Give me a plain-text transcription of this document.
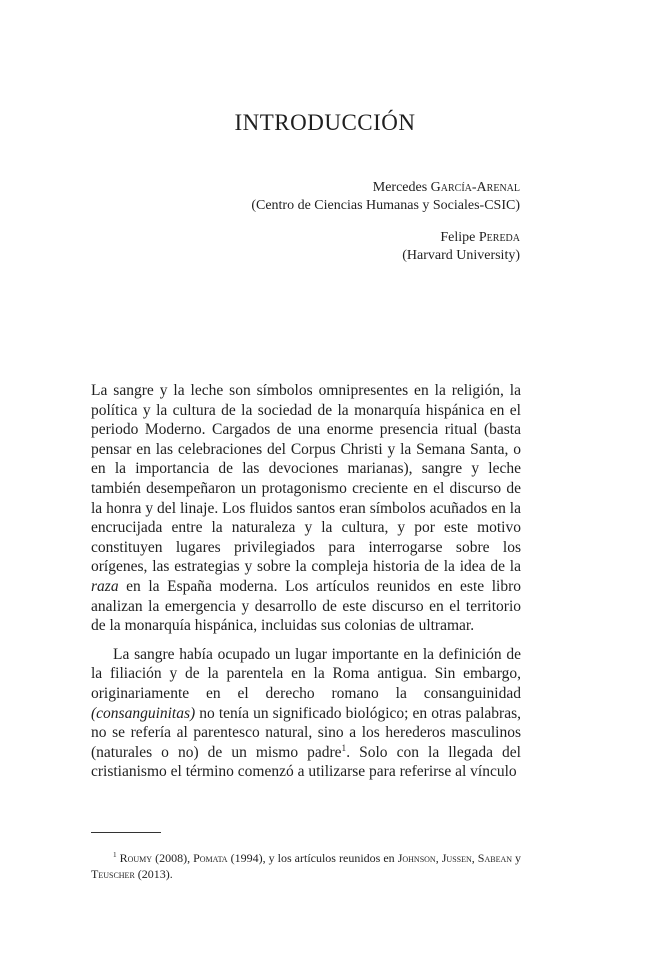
INTRODUCCIÓN
Mercedes García-Arenal
(Centro de Ciencias Humanas y Sociales-CSIC)
Felipe Pereda
(Harvard University)

La sangre y la leche son símbolos omnipresentes en la religión, la política y la cultura de la sociedad de la monarquía hispánica en el periodo Moderno. Cargados de una enorme presencia ritual (basta pensar en las celebraciones del Corpus Christi y la Semana Santa, o en la importancia de las devociones marianas), sangre y leche también desempeñaron un protagonismo creciente en el discurso de la honra y del linaje. Los fluidos santos eran símbolos acuñados en la encrucijada entre la naturaleza y la cultura, y por este motivo constituyen lugares privilegiados para interrogarse sobre los orígenes, las estrategias y sobre la compleja historia de la idea de la raza en la España moderna. Los artículos reunidos en este libro analizan la emergencia y desarrollo de este discurso en el territorio de la monarquía hispánica, incluidas sus colonias de ultramar.

La sangre había ocupado un lugar importante en la definición de la filiación y de la parentela en la Roma antigua. Sin embargo, originariamente en el derecho romano la consanguinidad (consanguinitas) no tenía un significado biológico; en otras palabras, no se refería al parentesco natural, sino a los herederos masculinos (naturales o no) de un mismo padre$^1$. Solo con la llegada del cristianismo el término comenzó a utilizarse para referirse al vínculo

$^1$ Roumy (2008), Pomata (1994), y los artículos reunidos en Johnson, Jussen, Sabean y Teuscher (2013).
